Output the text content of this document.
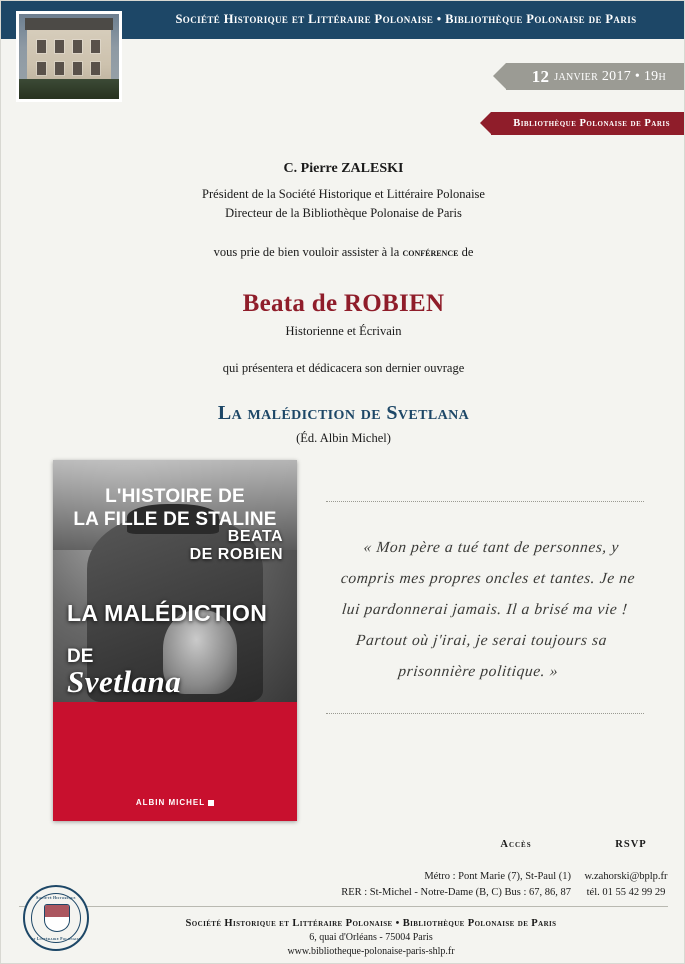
Société Historique et Littéraire Polonaise • Bibliothèque Polonaise de Paris
12 janvier 2017 • 19h
Bibliothèque Polonaise de Paris
C. Pierre ZALESKI
Président de la Société Historique et Littéraire Polonaise
Directeur de la Bibliothèque Polonaise de Paris
vous prie de bien vouloir assister à la conférence de
Beata de ROBIEN
Historienne et Écrivain
qui présentera et dédicacera son dernier ouvrage
La malédiction de Svetlana
(Éd. Albin Michel)
BEATA
DE ROBIEN
LA MALÉDICTION
DE
Svetlana
L'HISTOIRE DE
LA FILLE DE STALINE
ALBIN MICHEL
« Mon père a tué tant de personnes, y compris mes propres oncles et tantes. Je ne lui pardonnerai jamais. Il a brisé ma vie ! Partout où j'irai, je serai toujours sa prisonnière politique. »
Accès	RSVP
Métro : Pont Marie (7), St-Paul (1)
RER : St-Michel - Notre-Dame (B, C) Bus : 67, 86, 87
w.zahorski@bplp.fr
tél. 01 55 42 99 29
Société Historique
et Littéraire Polonaise
Société Historique et Littéraire Polonaise • Bibliothèque Polonaise de Paris
6, quai d'Orléans - 75004 Paris
www.bibliotheque-polonaise-paris-shlp.fr
